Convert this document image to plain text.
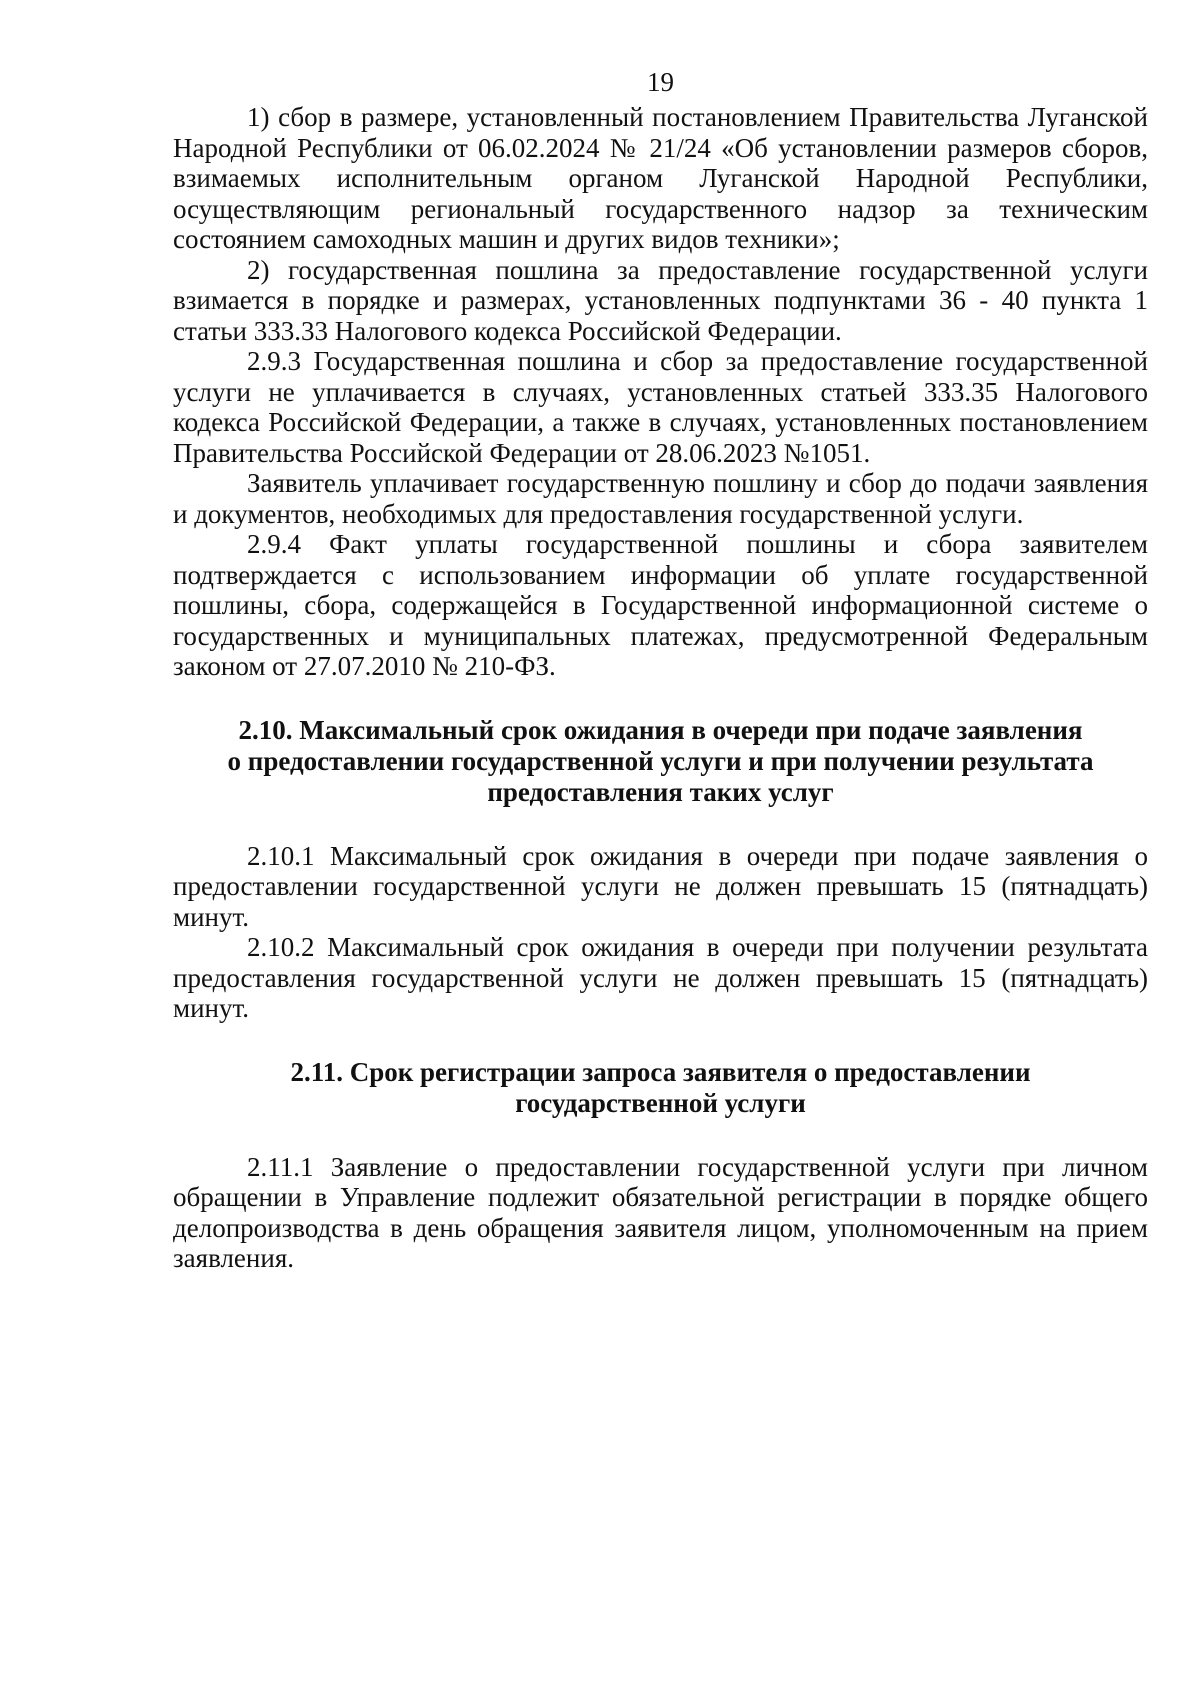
19

1) сбор в размере, установленный постановлением Правительства Луганской Народной Республики от 06.02.2024 № 21/24 «Об установлении размеров сборов, взимаемых исполнительным органом Луганской Народной Республики, осуществляющим региональный государственного надзор за техническим состоянием самоходных машин и других видов техники»;

2) государственная пошлина за предоставление государственной услуги взимается в порядке и размерах, установленных подпунктами 36 - 40 пункта 1 статьи 333.33 Налогового кодекса Российской Федерации.

2.9.3 Государственная пошлина и сбор за предоставление государственной услуги не уплачивается в случаях, установленных статьей 333.35 Налогового кодекса Российской Федерации, а также в случаях, установленных постановлением Правительства Российской Федерации от 28.06.2023 №1051.

Заявитель уплачивает государственную пошлину и сбор до подачи заявления и документов, необходимых для предоставления государственной услуги.

2.9.4 Факт уплаты государственной пошлины и сбора заявителем подтверждается с использованием информации об уплате государственной пошлины, сбора, содержащейся в Государственной информационной системе о государственных и муниципальных платежах, предусмотренной Федеральным законом от 27.07.2010 № 210-ФЗ.

2.10. Максимальный срок ожидания в очереди при подаче заявления

о предоставлении государственной услуги и при получении результата

предоставления таких услуг

2.10.1 Максимальный срок ожидания в очереди при подаче заявления о предоставлении государственной услуги не должен превышать 15 (пятнадцать) минут.

2.10.2 Максимальный срок ожидания в очереди при получении результата предоставления государственной услуги не должен превышать 15 (пятнадцать) минут.

2.11. Срок регистрации запроса заявителя о предоставлении

государственной услуги

2.11.1 Заявление о предоставлении государственной услуги при личном обращении в Управление подлежит обязательной регистрации в порядке общего делопроизводства в день обращения заявителя лицом, уполномоченным на прием заявления.
